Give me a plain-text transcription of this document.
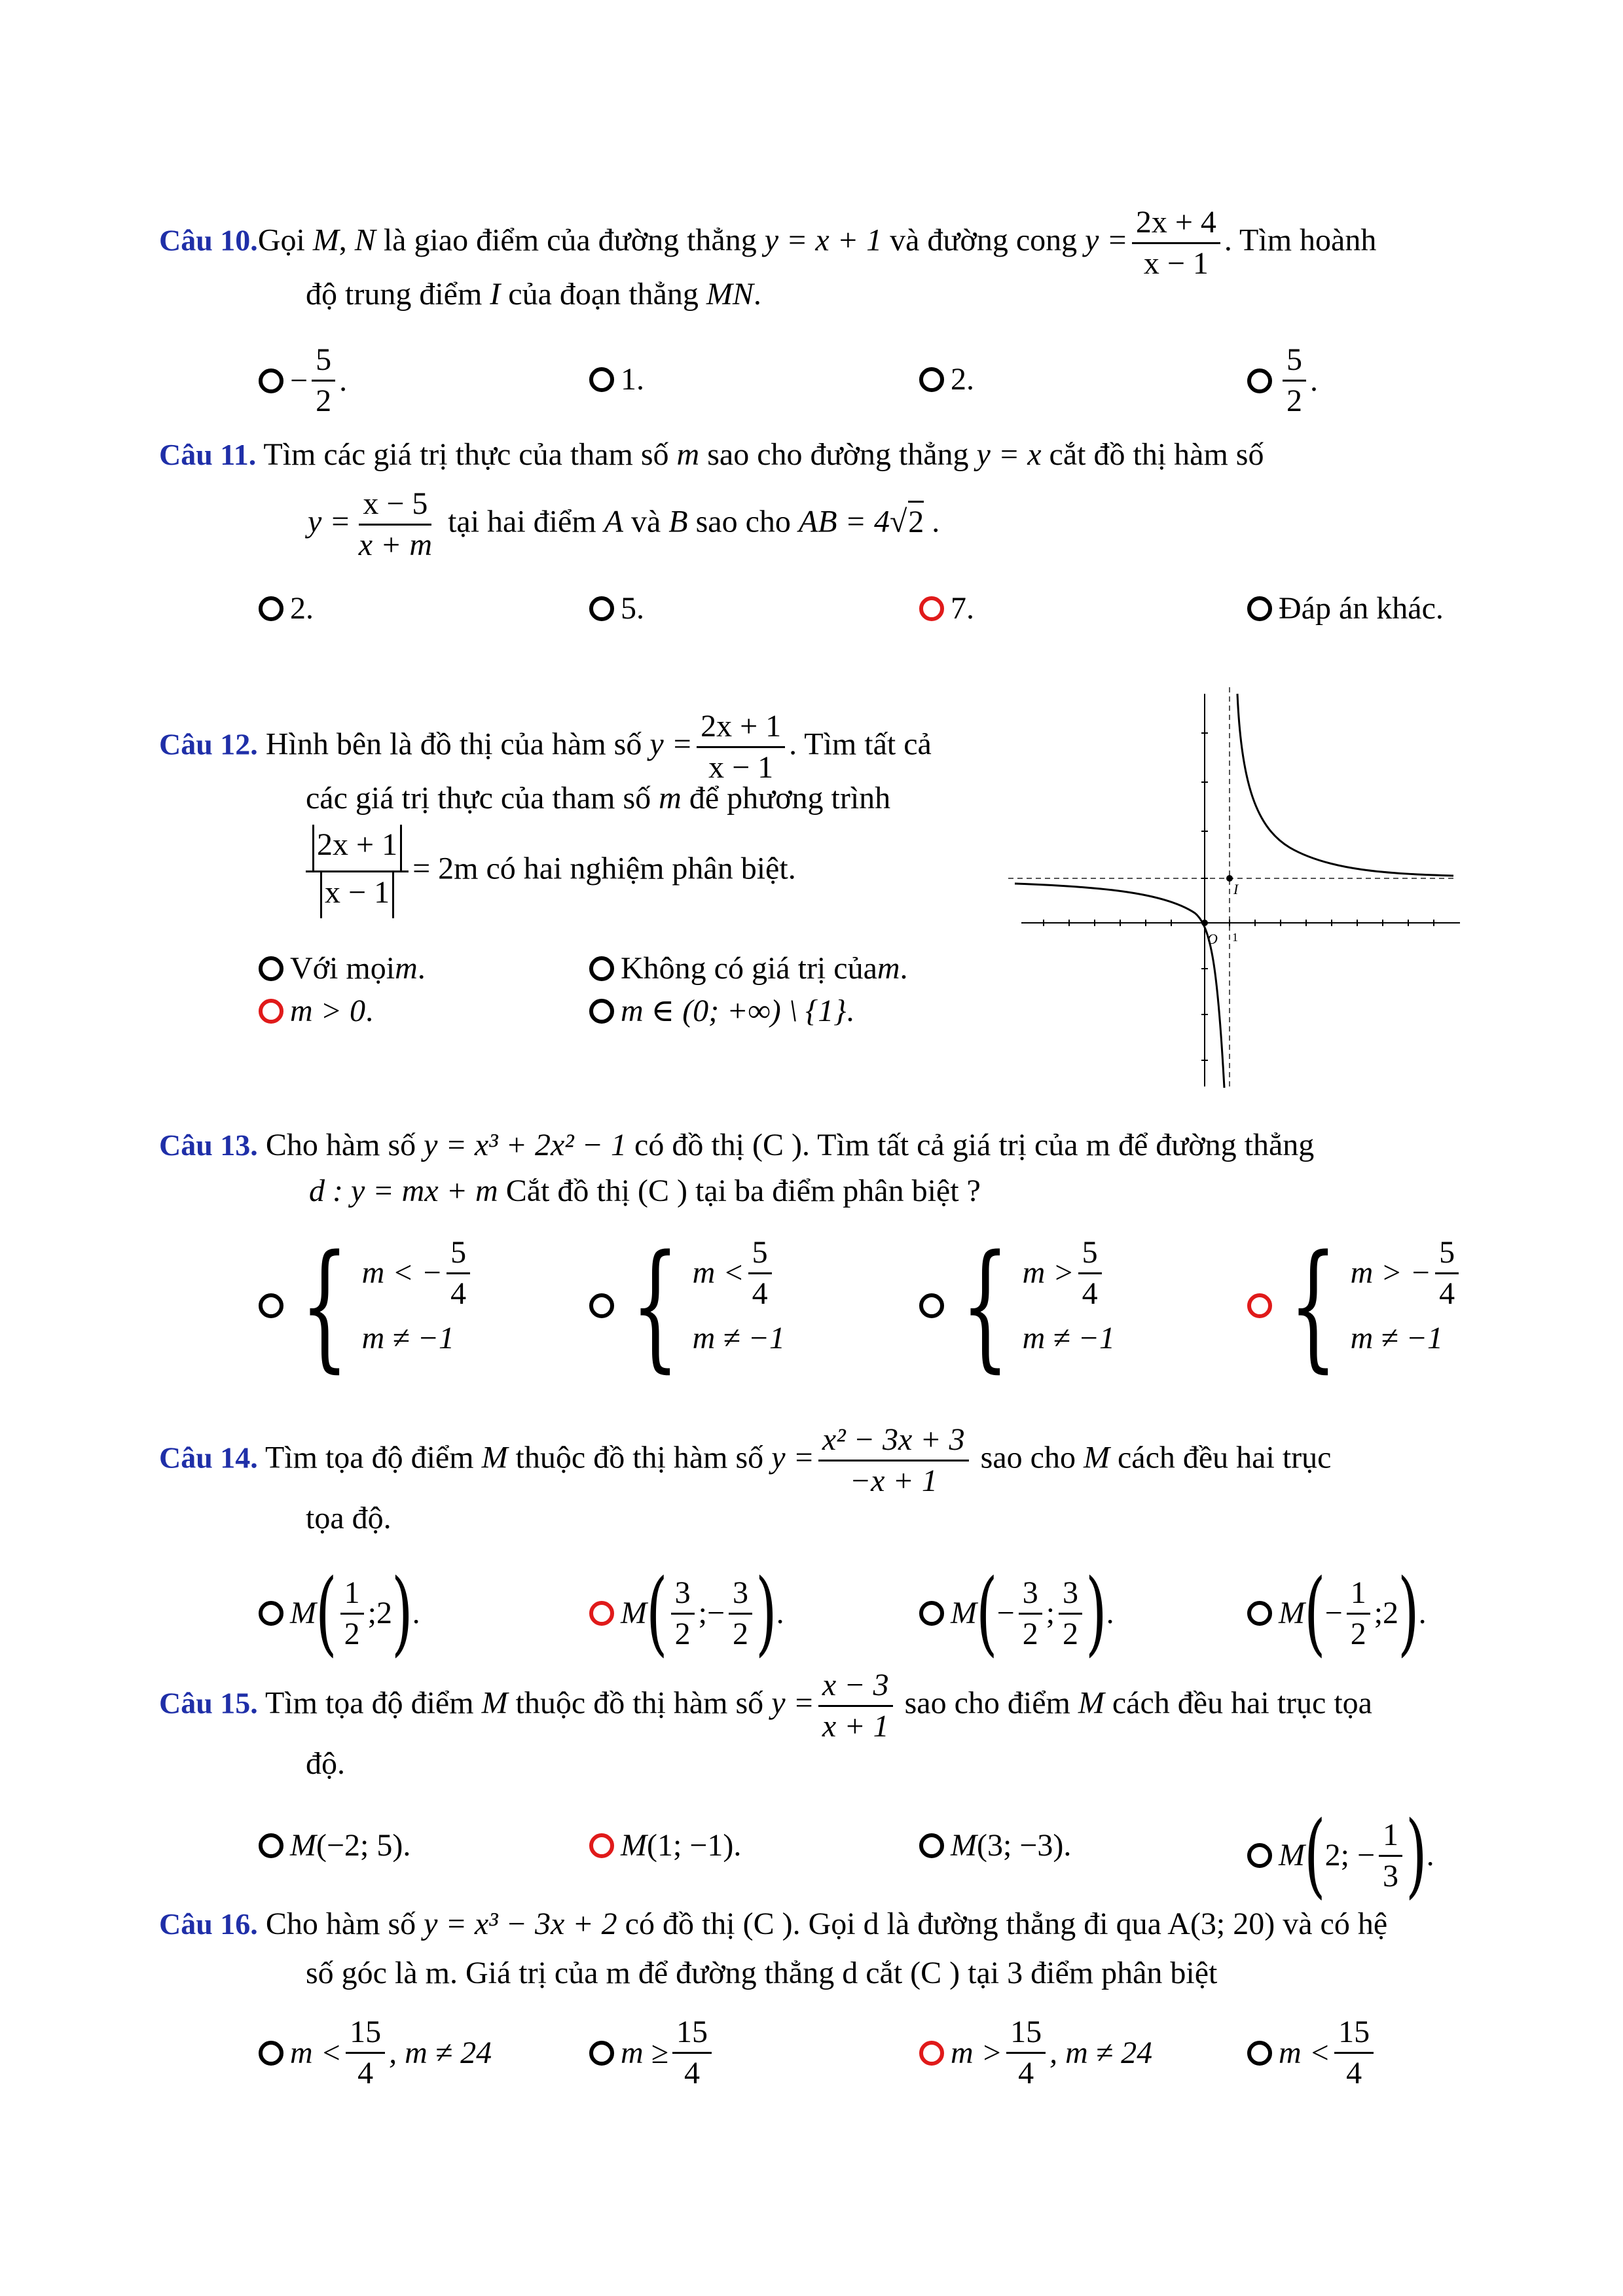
Câu 10.Gọi M, N là giao điểm của đường thẳng y = x + 1 và đường cong $y = \frac{2x + 4}{x - 1}$ . Tìm hoành
độ trung điểm I của đoạn thẳng MN.
− $\frac{5}{2}$ .	1.	2.	$\frac{5}{2}$ .
Câu 11. Tìm các giá trị thực của tham số m sao cho đường thẳng y = x cắt đồ thị hàm số
$y = \frac{x - 5}{x + m}$ tại hai điểm A và B sao cho AB = 4√2 .
2.	5.	7.	Đáp án khác.
Câu 12. Hình bên là đồ thị của hàm số $y = \frac{2x + 1}{x - 1}$ . Tìm tất cả
các giá trị thực của tham số m để phương trình
$\frac{2x + 1}{x - 1} = 2m$ có hai nghiệm phân biệt.
Với mọi m .	Không có giá trị của m .
m > 0 .	m ∈ (0; +∞) \ {1} .
O
I
1
Câu 13. Cho hàm số y = x³ + 2x² − 1 có đồ thị (C ). Tìm tất cả giá trị của m để đường thẳng
d : y = mx + m Cắt đồ thị (C ) tại ba điểm phân biệt ?
{ m < − $\frac{5}{4}$
m ≠ −1 { $m < \frac{5}{4}$
m ≠ −1 { $m > \frac{5}{4}$
m ≠ −1 { m > − $\frac{5}{4}$
m ≠ −1
Câu 14. Tìm tọa độ điểm M thuộc đồ thị hàm số $y = \frac{\text{x² − 3x + 3}}{-x + 1}$ sao cho M cách đều hai trục
tọa độ.
M
( $\frac{1}{2}$ ;2
)
.	M
( $\frac{3}{2}$ ;− $\frac{3}{2}$ )
.	M
(
− $\frac{3}{2}$ ; $\frac{3}{2}$ )
.	M
(
− $\frac{1}{2}$ ;2
)
.
Câu 15. Tìm tọa độ điểm M thuộc đồ thị hàm số $y = \frac{x - 3}{x + 1}$ sao cho điểm M cách đều hai trục tọa
độ.
M (−2; 5) .	M (1; −1) .	M (3; −3) .	M
(
2; − $\frac{1}{3}$ )
.
Câu 16. Cho hàm số y = x³ − 3x + 2 có đồ thị (C ). Gọi d là đường thẳng đi qua A(3; 20) và có hệ
số góc là m. Giá trị của m để đường thẳng d cắt (C ) tại 3 điểm phân biệt
$m < \frac{15}{4}$ , m ≠ 24	$m \ge \frac{15}{4}$	$m > \frac{15}{4}$ , m ≠ 24	$m < \frac{15}{4}$
